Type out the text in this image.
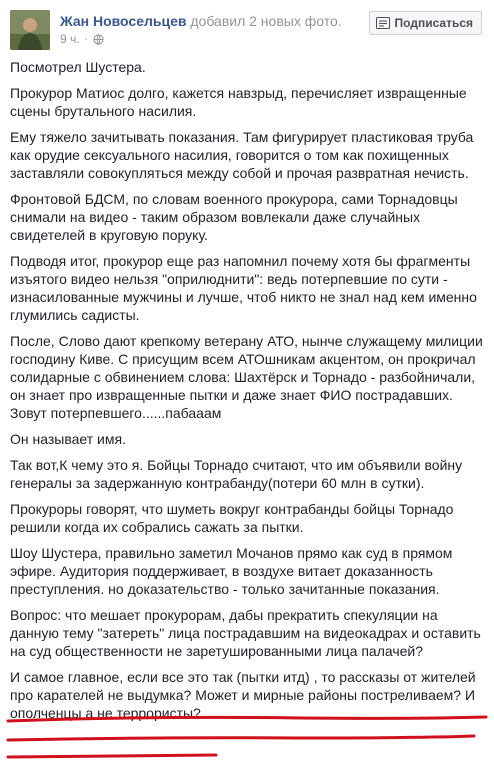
Жан Новосельцев добавил 2 новых фото.
9 ч. ·
Подписаться

Посмотрел Шустера.

Прокурор Матиос долго, кажется навзрыд, перечисляет извращенные сцены брутального насилия.

Ему тяжело зачитывать показания. Там фигурирует пластиковая труба как орудие сексуального насилия, говорится о том как похищенных заставляли совокупляться между собой и прочая развратная нечисть.

Фронтовой БДСМ, по словам военного прокурора, сами Торнадовцы снимали на видео - таким образом вовлекали даже случайных свидетелей в круговую поруку.

Подводя итог, прокурор еще раз напомнил почему хотя бы фрагменты изъятого видео нельзя "оприлюднити": ведь потерпевшие по сути - изнасилованные мужчины и лучше, чтоб никто не знал над кем именно глумились садисты.

После, Слово дают крепкому ветерану АТО, нынче служащему милиции господину Киве. С присущим всем АТОшникам акцентом, он прокричал солидарные с обвинением слова: Шахтёрск и Торнадо - разбойничали, он знает про извращенные пытки и даже знает ФИО пострадавших. Зовут потерпевшего......пабааам

Он называет имя.

Так вот,К чему это я. Бойцы Торнадо считают, что им объявили войну генералы за задержанную контрабанду(потери 60 млн в сутки).

Прокуроры говорят, что шуметь вокруг контрабанды бойцы Торнадо решили когда их собрались сажать за пытки.

Шоу Шустера, правильно заметил Мочанов прямо как суд в прямом эфире. Аудитория поддерживает, в воздухе витает доказанность преступления. но доказательство - только зачитанные показания.

Вопрос: что мешает прокурорам, дабы прекратить спекуляции на данную тему "затереть" лица пострадавшим на видеокадрах и оставить на суд общественности не заретушированными лица палачей?

И самое главное, если все это так (пытки итд) , то рассказы от жителей про карателей не выдумка? Может и мирные районы постреливаем? И ополченцы а не террористы?
